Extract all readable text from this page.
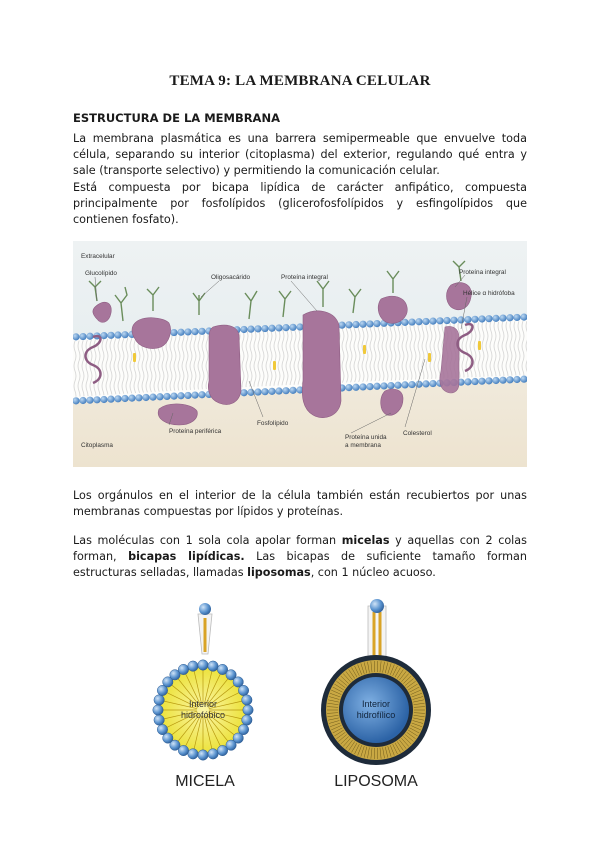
TEMA 9: LA MEMBRANA CELULAR
ESTRUCTURA DE LA MEMBRANA

La membrana plasmática es una barrera semipermeable que envuelve toda célula, separando su interior (citoplasma) del exterior, regulando qué entra y sale (transporte selectivo) y permitiendo la comunicación celular.

Está compuesta por bicapa lipídica de carácter anfipático, compuesta principalmente por fosfolípidos (glicerofosfolípidos y esfingolípidos que contienen fosfato).

Extracelular
Glucolípido
Oligosacárido	Proteína integral
Proteína integral
Hélice α hidrófoba
Citoplasma
Proteína periférica
Fosfolípido
Proteína unida
a membrana
Colesterol

Los orgánulos en el interior de la célula también están recubiertos por unas membranas compuestas por lípidos y proteínas.

Las moléculas con 1 sola cola apolar forman micelas y aquellas con 2 colas forman, bicapas lipídicas. Las bicapas de suficiente tamaño forman estructuras selladas, llamadas liposomas, con 1 núcleo acuoso.

Interior
hidrofóbico
Interior
hidrofílico
MICELA	LIPOSOMA
